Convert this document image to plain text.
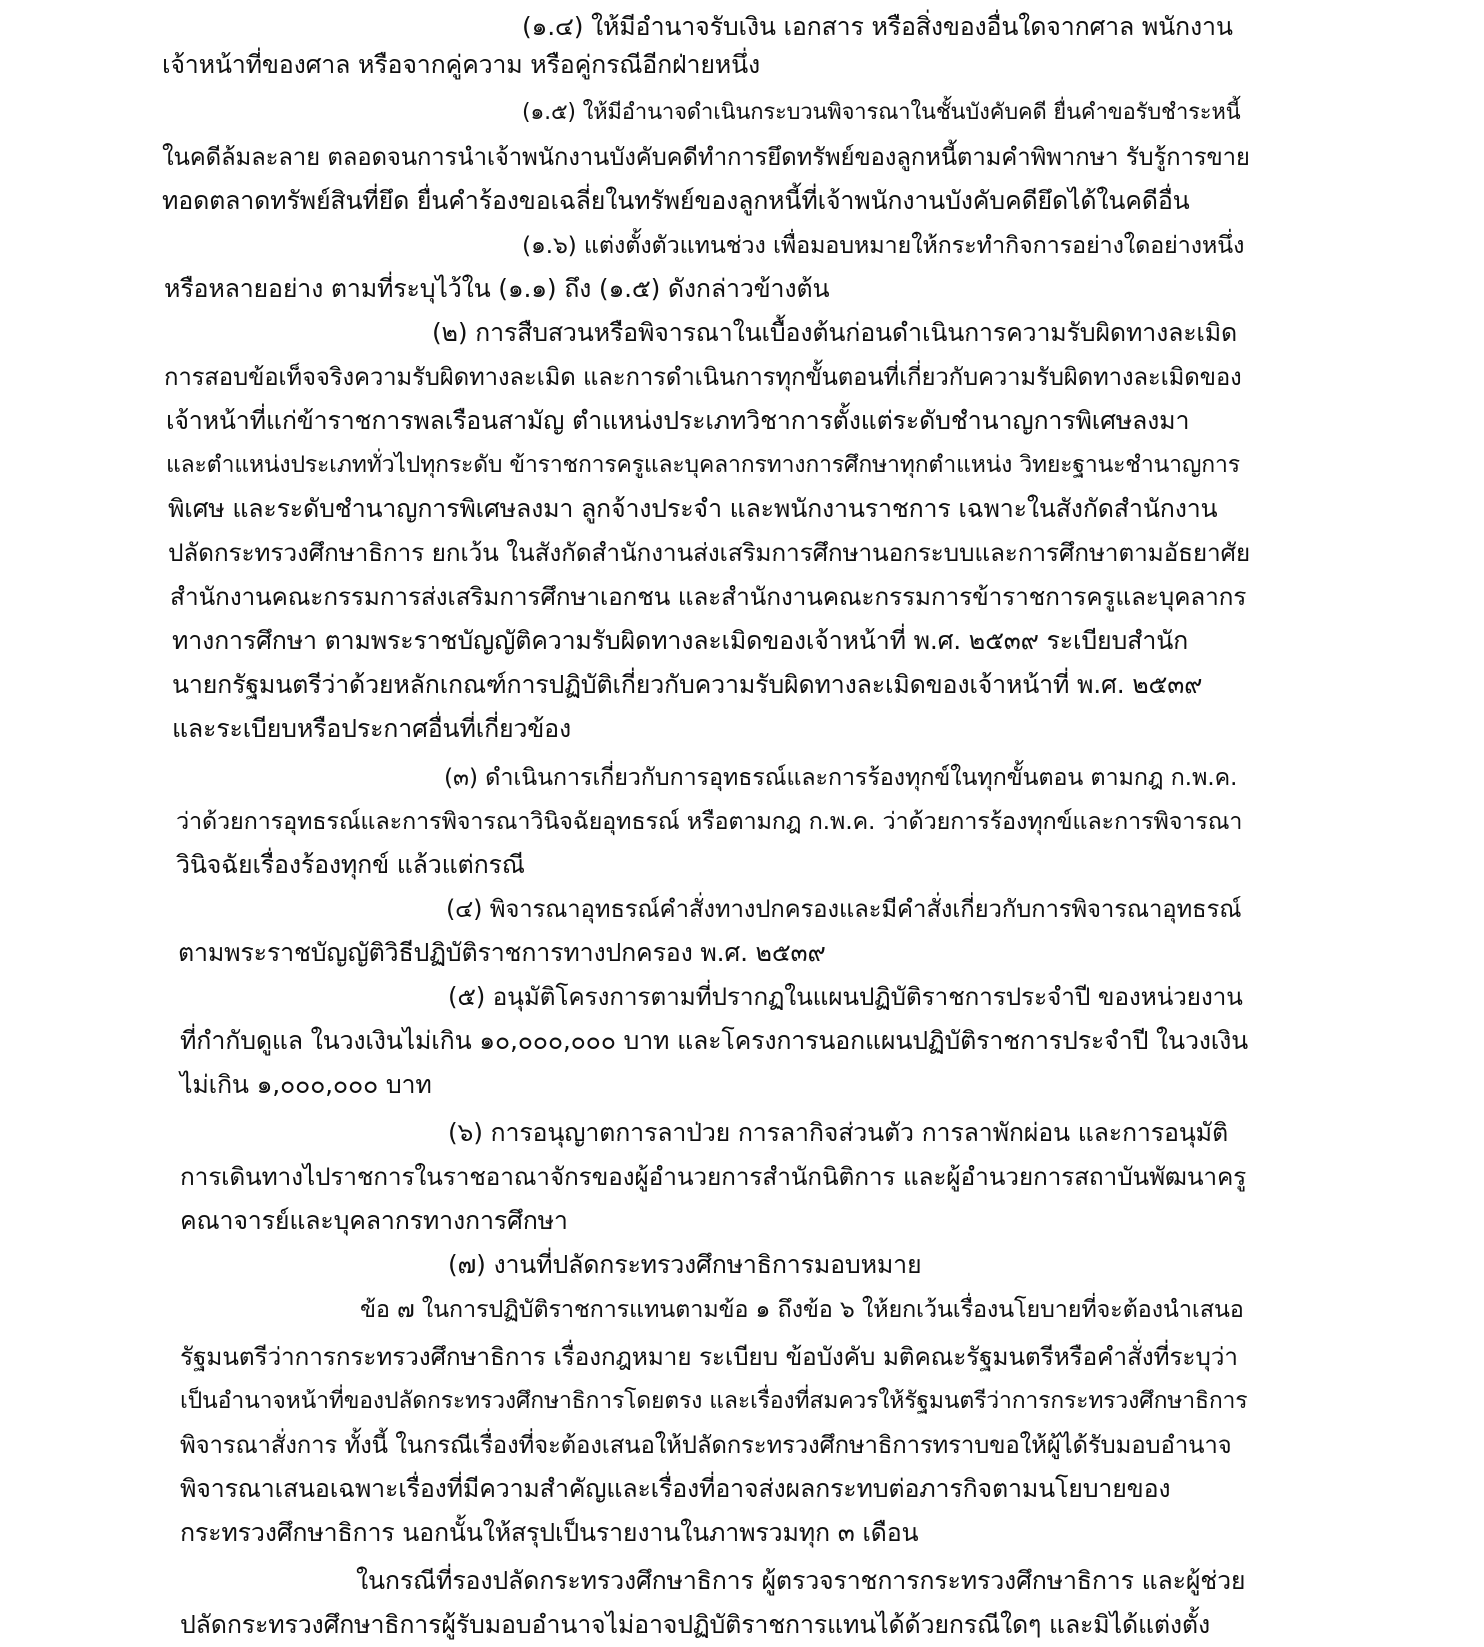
(๑.๔) ให้มีอำนาจรับเงิน เอกสาร หรือสิ่งของอื่นใดจากศาล พนักงาน
เจ้าหน้าที่ของศาล หรือจากคู่ความ หรือคู่กรณีอีกฝ่ายหนึ่ง
(๑.๕) ให้มีอำนาจดำเนินกระบวนพิจารณาในชั้นบังคับคดี ยื่นคำขอรับชำระหนี้
ในคดีล้มละลาย ตลอดจนการนำเจ้าพนักงานบังคับคดีทำการยึดทรัพย์ของลูกหนี้ตามคำพิพากษา รับรู้การขาย
ทอดตลาดทรัพย์สินที่ยึด ยื่นคำร้องขอเฉลี่ยในทรัพย์ของลูกหนี้ที่เจ้าพนักงานบังคับคดียึดได้ในคดีอื่น
(๑.๖) แต่งตั้งตัวแทนช่วง เพื่อมอบหมายให้กระทำกิจการอย่างใดอย่างหนึ่ง
หรือหลายอย่าง ตามที่ระบุไว้ใน (๑.๑) ถึง (๑.๕) ดังกล่าวข้างต้น
(๒) การสืบสวนหรือพิจารณาในเบื้องต้นก่อนดำเนินการความรับผิดทางละเมิด
การสอบข้อเท็จจริงความรับผิดทางละเมิด และการดำเนินการทุกขั้นตอนที่เกี่ยวกับความรับผิดทางละเมิดของ
เจ้าหน้าที่แก่ข้าราชการพลเรือนสามัญ ตำแหน่งประเภทวิชาการตั้งแต่ระดับชำนาญการพิเศษลงมา
และตำแหน่งประเภททั่วไปทุกระดับ ข้าราชการครูและบุคลากรทางการศึกษาทุกตำแหน่ง วิทยะฐานะชำนาญการ
พิเศษ และระดับชำนาญการพิเศษลงมา ลูกจ้างประจำ และพนักงานราชการ เฉพาะในสังกัดสำนักงาน
ปลัดกระทรวงศึกษาธิการ ยกเว้น ในสังกัดสำนักงานส่งเสริมการศึกษานอกระบบและการศึกษาตามอัธยาศัย
สำนักงานคณะกรรมการส่งเสริมการศึกษาเอกชน และสำนักงานคณะกรรมการข้าราชการครูและบุคลากร
ทางการศึกษา ตามพระราชบัญญัติความรับผิดทางละเมิดของเจ้าหน้าที่ พ.ศ. ๒๕๓๙ ระเบียบสำนัก
นายกรัฐมนตรีว่าด้วยหลักเกณฑ์การปฏิบัติเกี่ยวกับความรับผิดทางละเมิดของเจ้าหน้าที่ พ.ศ. ๒๕๓๙
และระเบียบหรือประกาศอื่นที่เกี่ยวข้อง
(๓) ดำเนินการเกี่ยวกับการอุทธรณ์และการร้องทุกข์ในทุกขั้นตอน ตามกฎ ก.พ.ค.
ว่าด้วยการอุทธรณ์และการพิจารณาวินิจฉัยอุทธรณ์ หรือตามกฎ ก.พ.ค. ว่าด้วยการร้องทุกข์และการพิจารณา
วินิจฉัยเรื่องร้องทุกข์ แล้วแต่กรณี
(๔) พิจารณาอุทธรณ์คำสั่งทางปกครองและมีคำสั่งเกี่ยวกับการพิจารณาอุทธรณ์
ตามพระราชบัญญัติวิธีปฏิบัติราชการทางปกครอง พ.ศ. ๒๕๓๙
(๕) อนุมัติโครงการตามที่ปรากฏในแผนปฏิบัติราชการประจำปี ของหน่วยงาน
ที่กำกับดูแล ในวงเงินไม่เกิน ๑๐,๐๐๐,๐๐๐ บาท และโครงการนอกแผนปฏิบัติราชการประจำปี ในวงเงิน
ไม่เกิน ๑,๐๐๐,๐๐๐ บาท
(๖) การอนุญาตการลาป่วย การลากิจส่วนตัว การลาพักผ่อน และการอนุมัติ
การเดินทางไปราชการในราชอาณาจักรของผู้อำนวยการสำนักนิติการ และผู้อำนวยการสถาบันพัฒนาครู
คณาจารย์และบุคลากรทางการศึกษา
(๗) งานที่ปลัดกระทรวงศึกษาธิการมอบหมาย
ข้อ ๗ ในการปฏิบัติราชการแทนตามข้อ ๑ ถึงข้อ ๖ ให้ยกเว้นเรื่องนโยบายที่จะต้องนำเสนอ
รัฐมนตรีว่าการกระทรวงศึกษาธิการ เรื่องกฎหมาย ระเบียบ ข้อบังคับ มติคณะรัฐมนตรีหรือคำสั่งที่ระบุว่า
เป็นอำนาจหน้าที่ของปลัดกระทรวงศึกษาธิการโดยตรง และเรื่องที่สมควรให้รัฐมนตรีว่าการกระทรวงศึกษาธิการ
พิจารณาสั่งการ ทั้งนี้ ในกรณีเรื่องที่จะต้องเสนอให้ปลัดกระทรวงศึกษาธิการทราบขอให้ผู้ได้รับมอบอำนาจ
พิจารณาเสนอเฉพาะเรื่องที่มีความสำคัญและเรื่องที่อาจส่งผลกระทบต่อภารกิจตามนโยบายของ
กระทรวงศึกษาธิการ นอกนั้นให้สรุปเป็นรายงานในภาพรวมทุก ๓ เดือน
ในกรณีที่รองปลัดกระทรวงศึกษาธิการ ผู้ตรวจราชการกระทรวงศึกษาธิการ และผู้ช่วย
ปลัดกระทรวงศึกษาธิการผู้รับมอบอำนาจไม่อาจปฏิบัติราชการแทนได้ด้วยกรณีใดๆ และมิได้แต่งตั้ง
